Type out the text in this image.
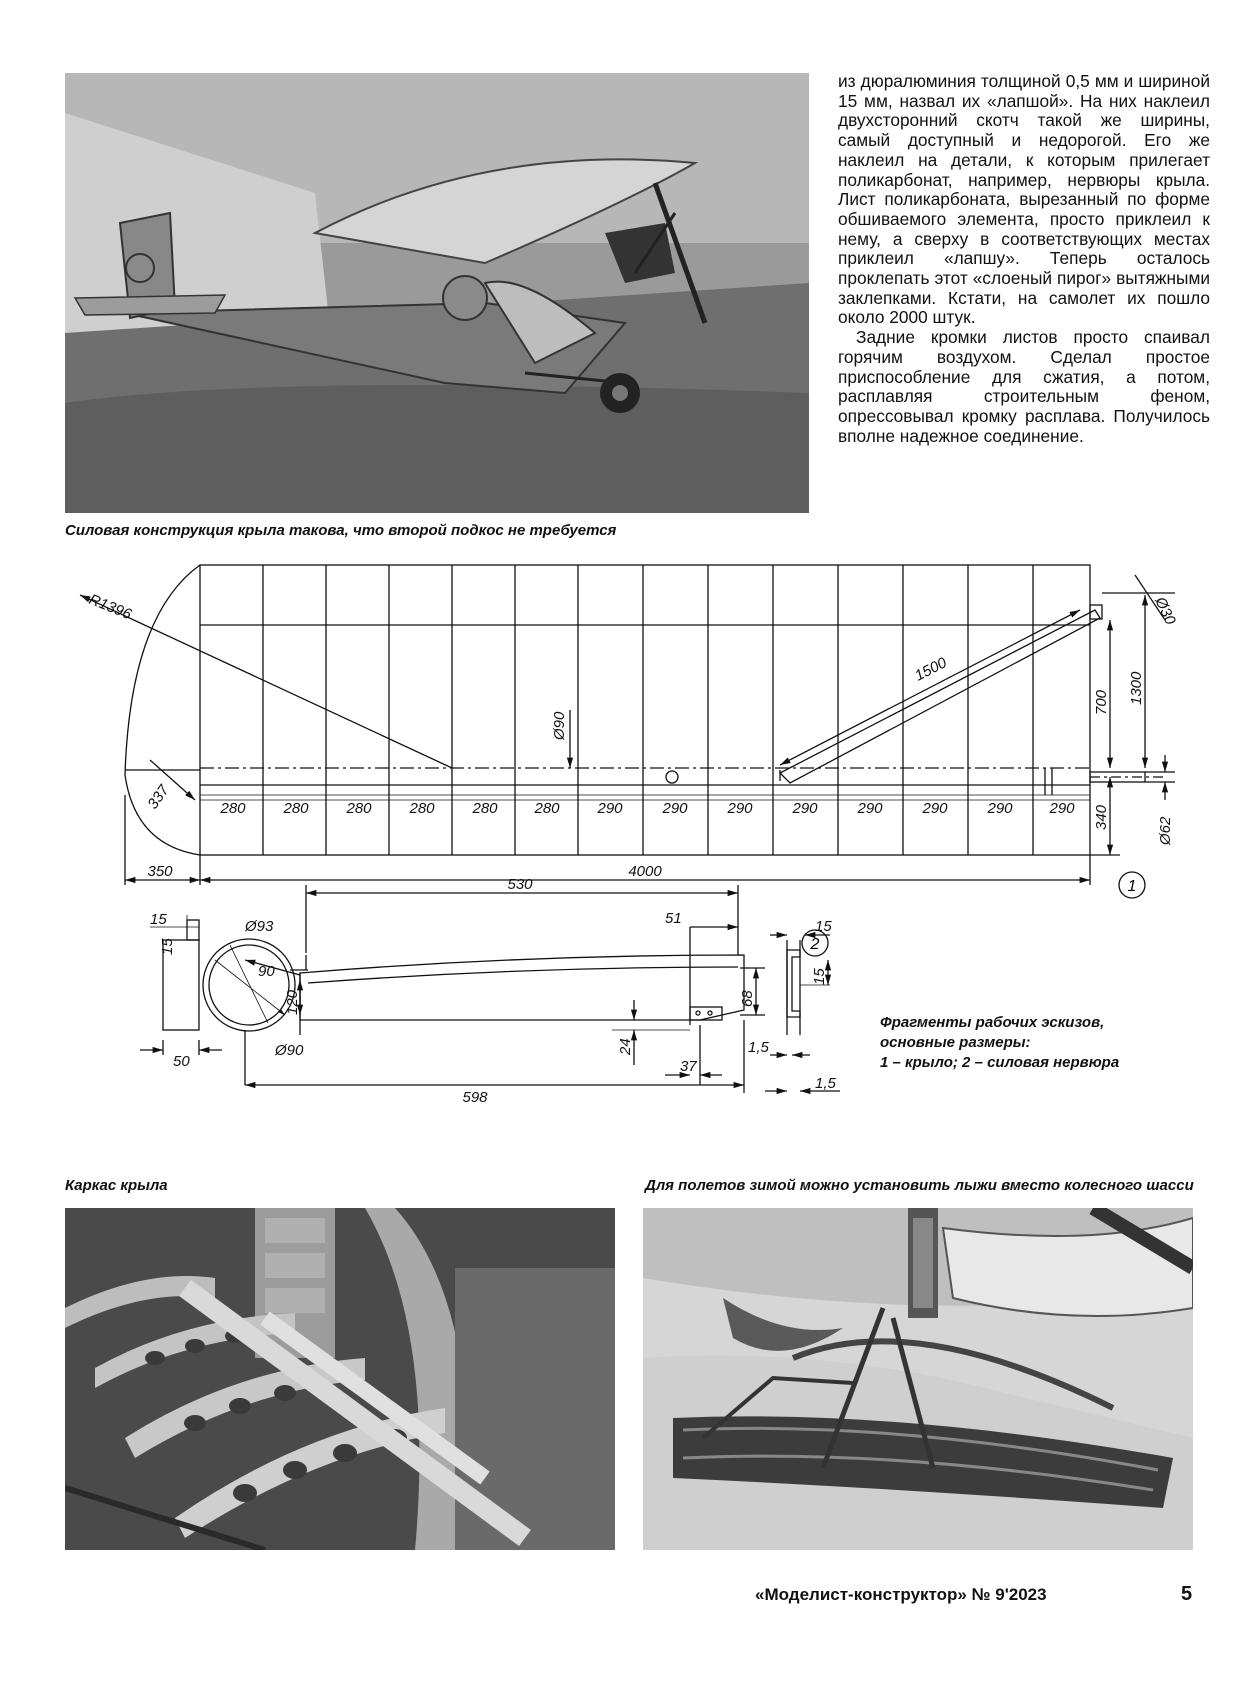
Силовая конструкция крыла такова, что второй подкос не требуется

из дюралюминия толщиной 0,5 мм и шириной 15 мм, назвал их «лапшой». На них наклеил двухсторонний скотч такой же ширины, самый доступный и недорогой. Его же наклеил на детали, к которым прилегает поликарбонат, например, нервюры крыла. Лист поликарбоната, вырезанный по форме обшиваемого элемента, просто приклеил к нему, а сверху в соответствующих местах приклеил «лапшу». Теперь осталось проклепать этот «слоеный пирог» вытяжными заклепками. Кстати, на самолет их пошло около 2000 штук.

Задние кромки листов просто спаивал горячим воздухом. Сделал простое приспособление для сжатия, а потом, расплавляя строительным феном, опрессовывал кромку расплава. Получилось вполне надежное соединение.

R1396
1500
Ø90
337	280	280	280	280	280 280	290	290	290	290	290	290	290 290
350	4000
700 1300
340
Ø30
Ø62
1
15
15
50
Ø93
Ø90
90
120
530
51
68
24
37
598
15
15
1,5
1,5
2
Фрагменты рабочих эскизов,
основные размеры:
1 – крыло; 2 – силовая нервюра
Каркас крыла	Для полетов зимой можно установить лыжи вместо колесного шасси
«Моделист-конструктор» № 9'2023	5
